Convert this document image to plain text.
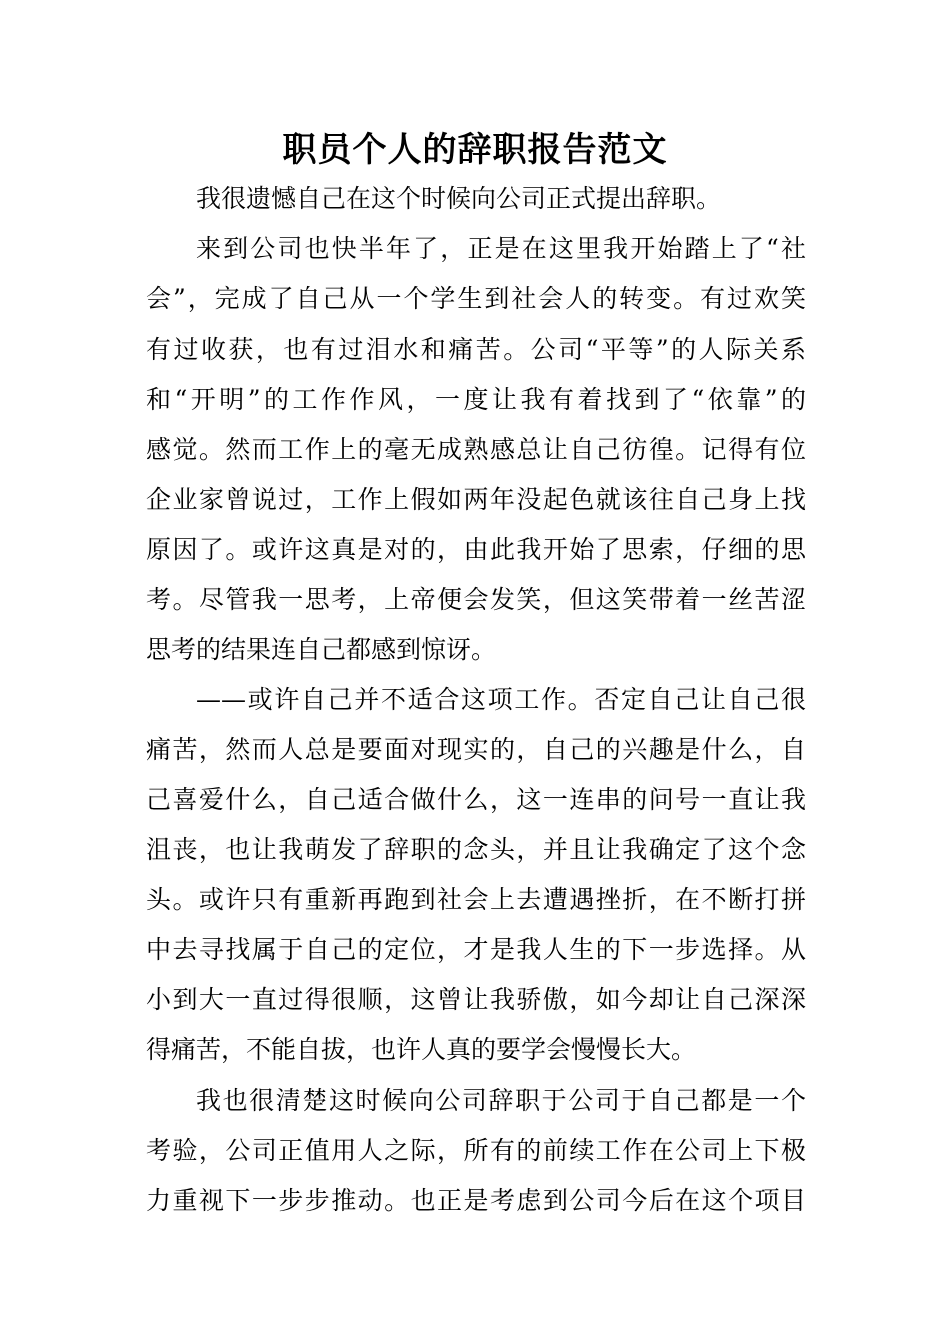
职员个人的辞职报告范文
我很遗憾自己在这个时候向公司正式提出辞职。
来到公司也快半年了，正是在这里我开始踏上了“社
会”，完成了自己从一个学生到社会人的转变。有过欢笑
有过收获，也有过泪水和痛苦。公司“平等”的人际关系
和“开明”的工作作风，一度让我有着找到了“依靠”的
感觉。然而工作上的毫无成熟感总让自己彷徨。记得有位
企业家曾说过，工作上假如两年没起色就该往自己身上找
原因了。或许这真是对的，由此我开始了思索，仔细的思
考。尽管我一思考，上帝便会发笑，但这笑带着一丝苦涩
思考的结果连自己都感到惊讶。
——或许自己并不适合这项工作。否定自己让自己很
痛苦，然而人总是要面对现实的，自己的兴趣是什么，自
己喜爱什么，自己适合做什么，这一连串的问号一直让我
沮丧，也让我萌发了辞职的念头，并且让我确定了这个念
头。或许只有重新再跑到社会上去遭遇挫折，在不断打拼
中去寻找属于自己的定位，才是我人生的下一步选择。从
小到大一直过得很顺，这曾让我骄傲，如今却让自己深深
得痛苦，不能自拔，也许人真的要学会慢慢长大。
我也很清楚这时候向公司辞职于公司于自己都是一个
考验，公司正值用人之际，所有的前续工作在公司上下极
力重视下一步步推动。也正是考虑到公司今后在这个项目
